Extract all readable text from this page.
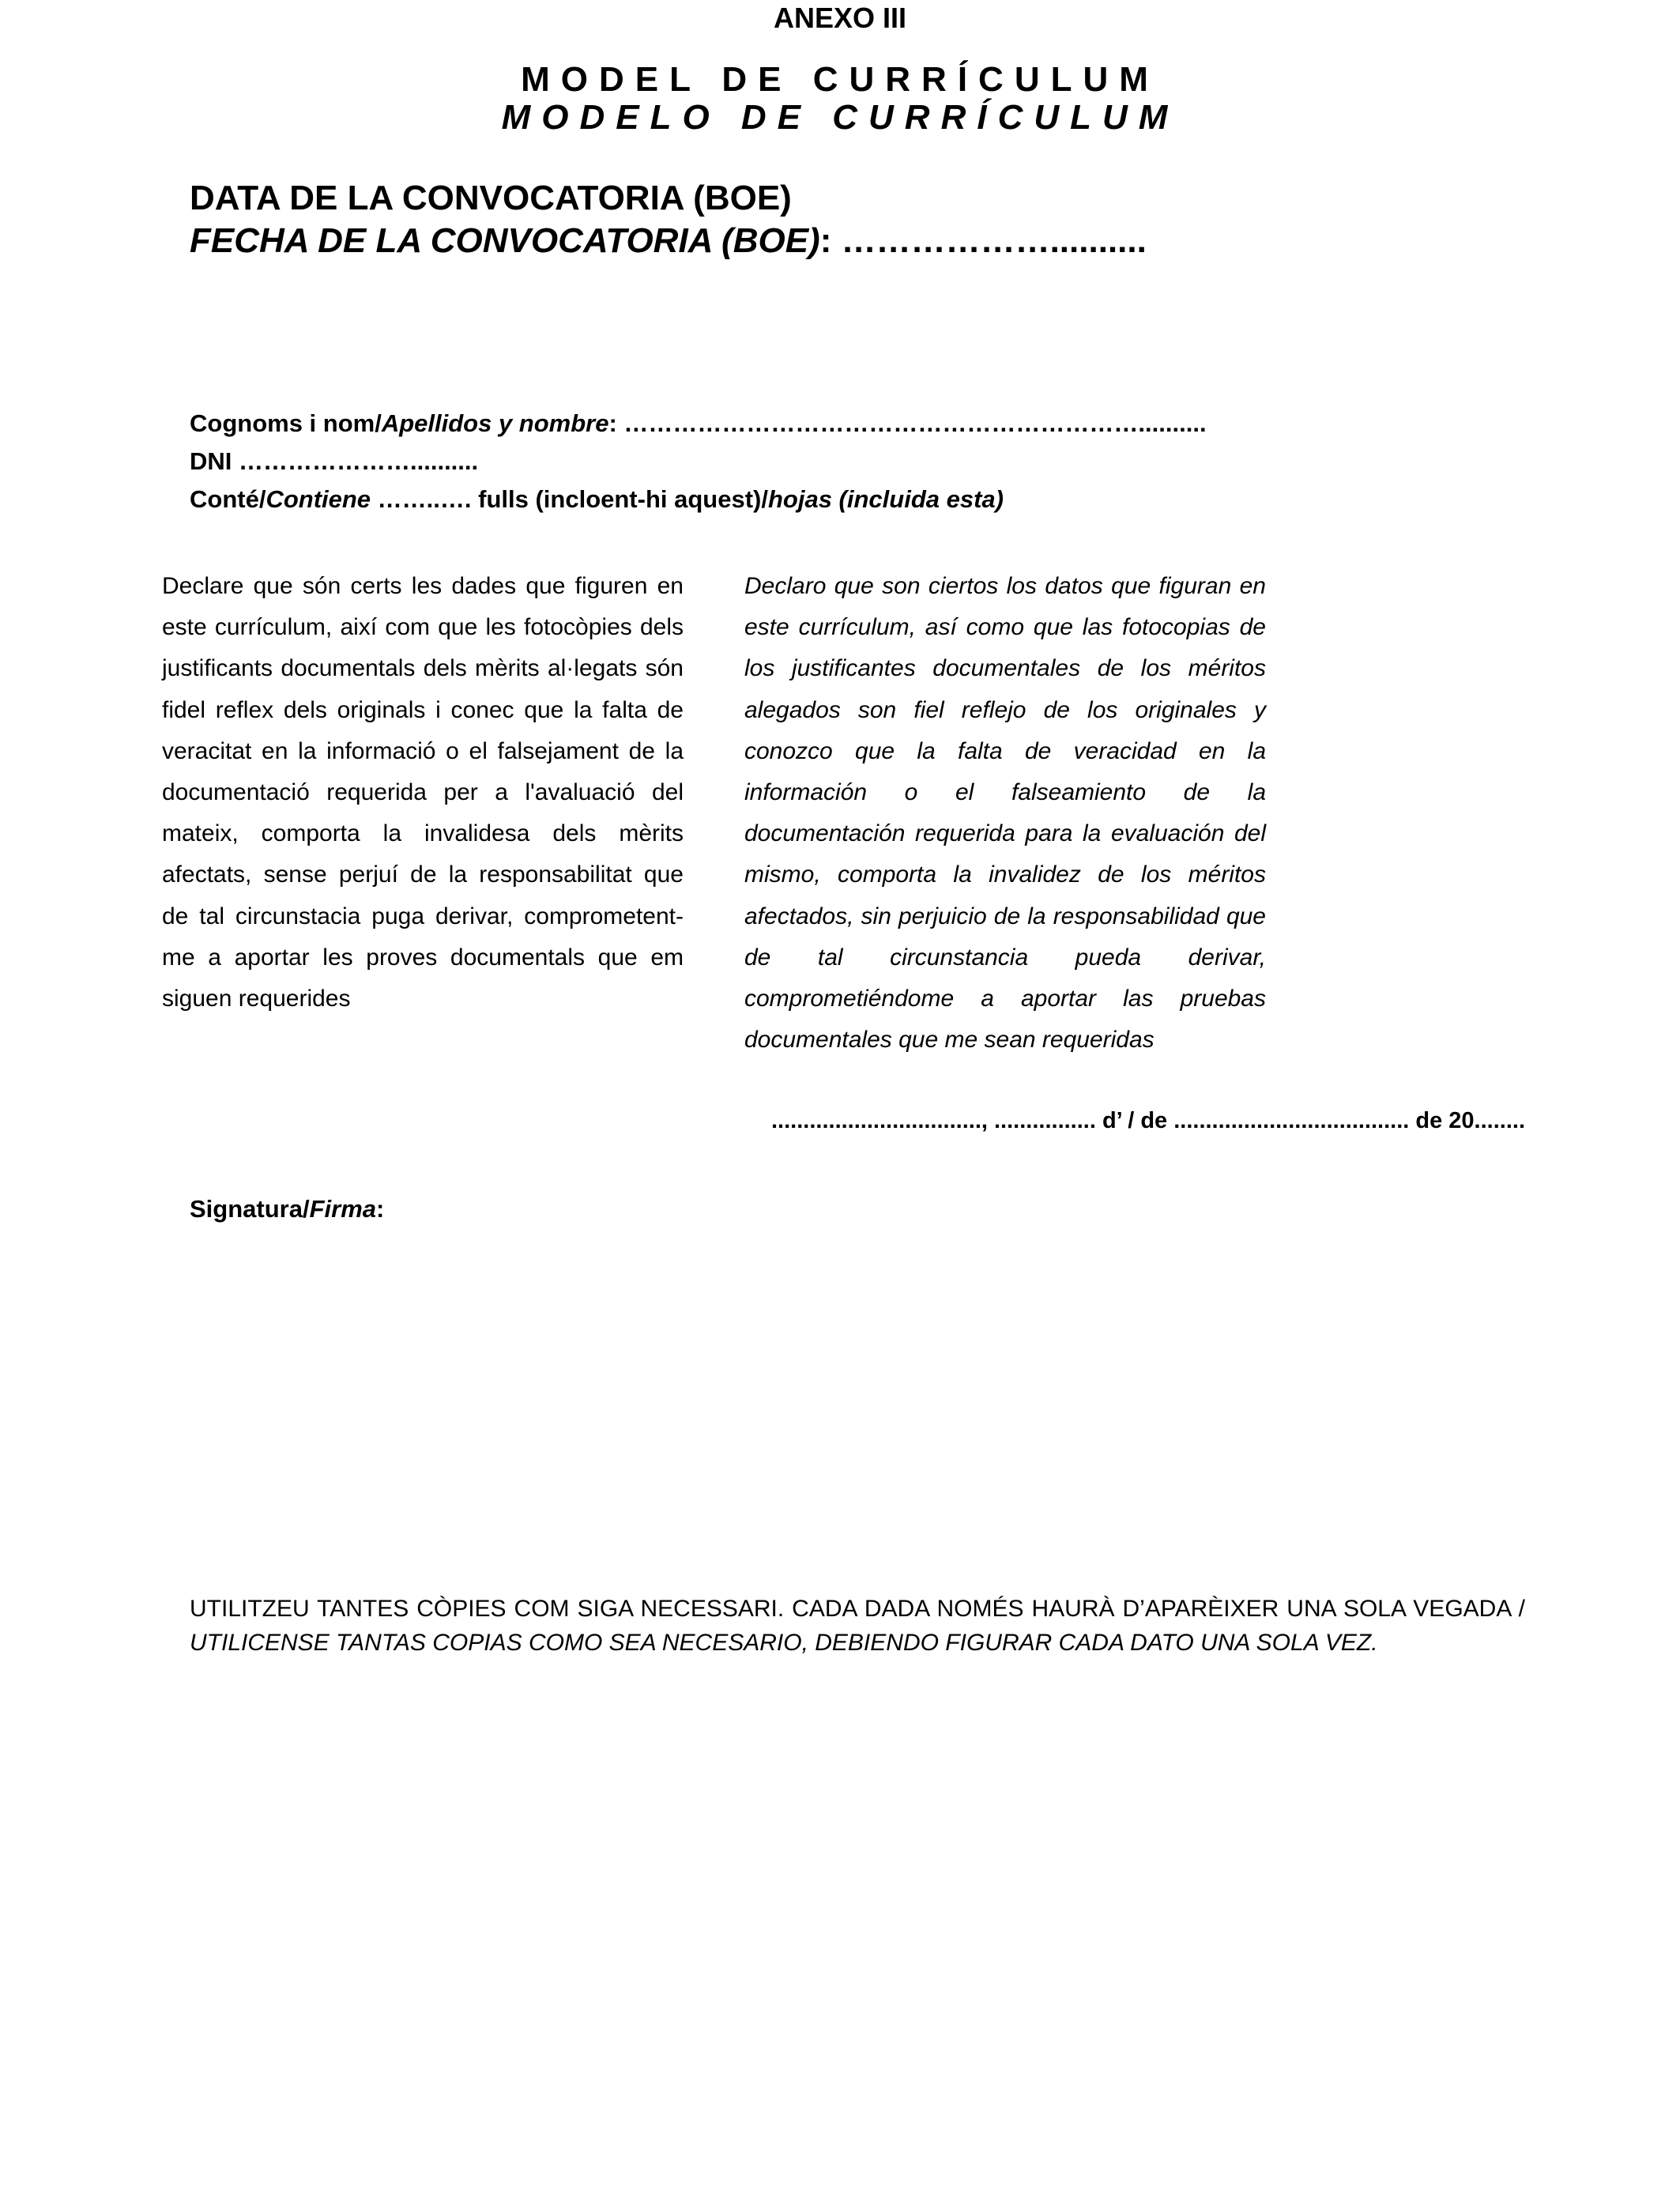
ANEXO III
MODEL DE CURRÍCULUM
MODELO DE CURRÍCULUM
DATA DE LA CONVOCATORIA (BOE)
FECHA DE LA CONVOCATORIA (BOE): ………………..........
Cognoms i nom/Apellidos y nombre: ………………………………………………………..........
DNI …………………..........
Conté/Contiene ……..…. fulls (incloent-hi aquest)/hojas (incluida esta)
Declare que són certs les dades que figuren en este currículum, així com que les fotocòpies dels justificants documentals dels mèrits al·legats són fidel reflex dels originals i conec que la falta de veracitat en la informació o el falsejament de la documentació requerida per a l'avaluació del mateix, comporta la invalidesa dels mèrits afectats, sense perjuí de la responsabilitat que de tal circunstacia puga derivar, comprometent-me a aportar les proves documentals que em siguen requerides
Declaro que son ciertos los datos que figuran en este currículum, así como que las fotocopias de los justificantes documentales de los méritos alegados son fiel reflejo de los originales y conozco que la falta de veracidad en la información o el falseamiento de la documentación requerida para la evaluación del mismo, comporta la invalidez de los méritos afectados, sin perjuicio de la responsabilidad que de tal circunstancia pueda derivar, comprometiéndome a aportar las pruebas documentales que me sean requeridas
................................., ................ d’ / de ..................................... de 20........
Signatura/Firma:
UTILITZEU TANTES CÒPIES COM SIGA NECESSARI. CADA DADA NOMÉS HAURÀ D’APARÈIXER UNA SOLA VEGADA / UTILICENSE TANTAS COPIAS COMO SEA NECESARIO, DEBIENDO FIGURAR CADA DATO UNA SOLA VEZ.
